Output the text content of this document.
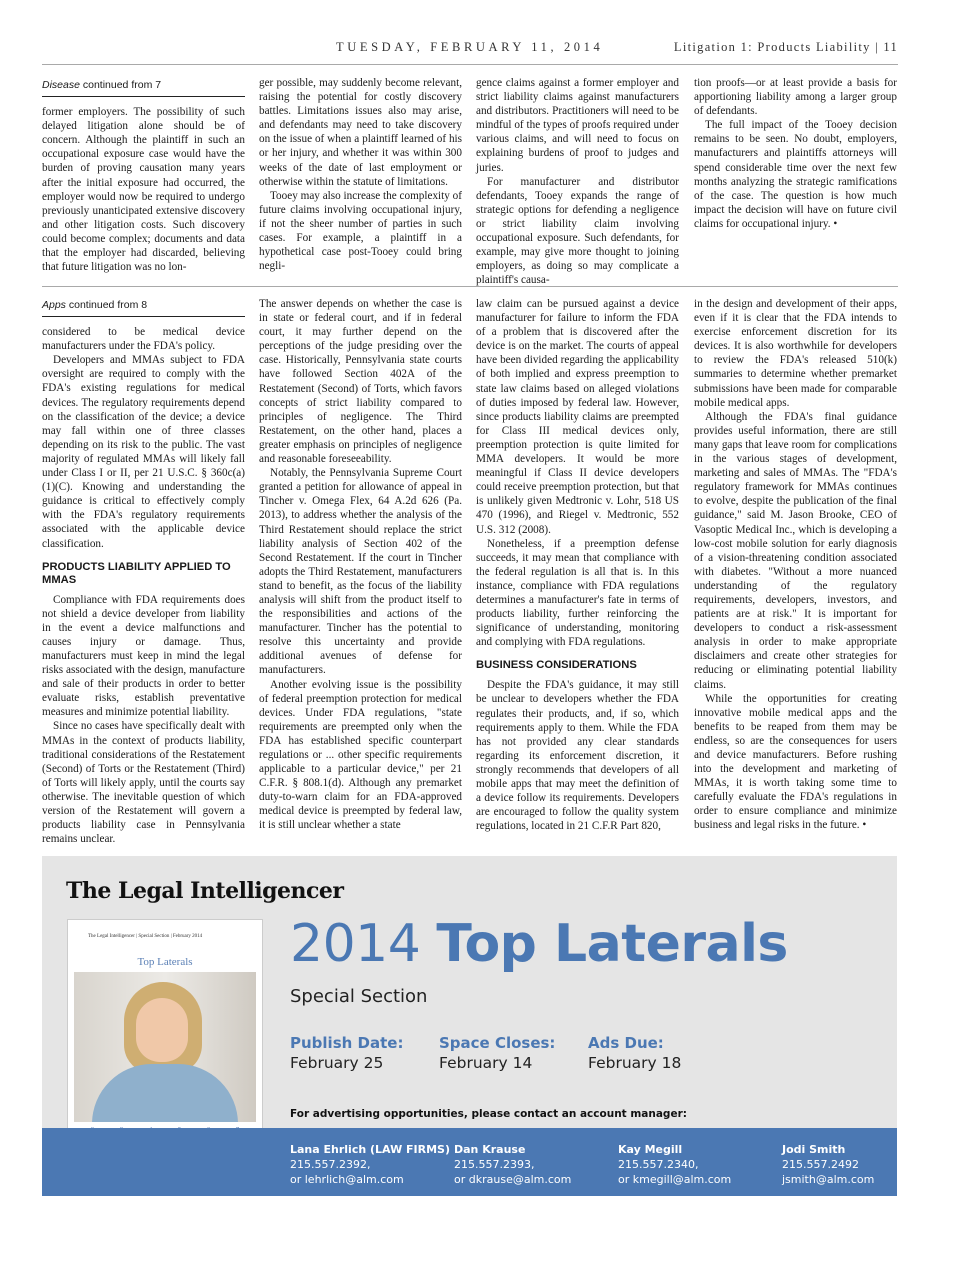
TUESDAY, FEBRUARY 11, 2014	Litigation 1: Products Liability | 11
Disease continued from 7

former employers. The possibility of such delayed litigation alone should be of concern. Although the plaintiff in such an occupational exposure case would have the burden of proving causation many years after the initial exposure had occurred, the employer would now be required to undergo previously unanticipated extensive discovery and other litigation costs. Such discovery could become complex; documents and data that the employer had discarded, believing that future litigation was no lon-

ger possible, may suddenly become relevant, raising the potential for costly discovery battles. Limitations issues also may arise, and defendants may need to take discovery on the issue of when a plaintiff learned of his or her injury, and whether it was within 300 weeks of the date of last employment or otherwise within the statute of limitations.

Tooey may also increase the complexity of future claims involving occupational injury, if not the sheer number of parties in such cases. For example, a plaintiff in a hypothetical case post-Tooey could bring negli-

gence claims against a former employer and strict liability claims against manufacturers and distributors. Practitioners will need to be mindful of the types of proofs required under various claims, and will need to focus on explaining burdens of proof to judges and juries.

For manufacturer and distributor defendants, Tooey expands the range of strategic options for defending a negligence or strict liability claim involving occupational exposure. Such defendants, for example, may give more thought to joining employers, as doing so may complicate a plaintiff's causa-

tion proofs—or at least provide a basis for apportioning liability among a larger group of defendants.

The full impact of the Tooey decision remains to be seen. No doubt, employers, manufacturers and plaintiffs attorneys will spend considerable time over the next few months analyzing the strategic ramifications of the case. The question is how much impact the decision will have on future civil claims for occupational injury. •

Apps continued from 8

considered to be medical device manufacturers under the FDA's policy.

Developers and MMAs subject to FDA oversight are required to comply with the FDA's existing regulations for medical devices. The regulatory requirements depend on the classification of the device; a device may fall within one of three classes depending on its risk to the public. The vast majority of regulated MMAs will likely fall under Class I or II, per 21 U.S.C. § 360c(a)(1)(C). Knowing and understanding the guidance is critical to effectively comply with the FDA's regulatory requirements associated with the applicable device classification.

PRODUCTS LIABILITY APPLIED TO MMAS

Compliance with FDA requirements does not shield a device developer from liability in the event a device malfunctions and causes injury or damage. Thus, manufacturers must keep in mind the legal risks associated with the design, manufacture and sale of their products in order to better evaluate risks, establish preventative measures and minimize potential liability.

Since no cases have specifically dealt with MMAs in the context of products liability, traditional considerations of the Restatement (Second) of Torts or the Restatement (Third) of Torts will likely apply, until the courts say otherwise. The inevitable question of which version of the Restatement will govern a products liability case in Pennsylvania remains unclear.

The answer depends on whether the case is in state or federal court, and if in federal court, it may further depend on the perceptions of the judge presiding over the case. Historically, Pennsylvania state courts have followed Section 402A of the Restatement (Second) of Torts, which favors concepts of strict liability compared to principles of negligence. The Third Restatement, on the other hand, places a greater emphasis on principles of negligence and reasonable foreseeability.

Notably, the Pennsylvania Supreme Court granted a petition for allowance of appeal in Tincher v. Omega Flex, 64 A.2d 626 (Pa. 2013), to address whether the analysis of the Third Restatement should replace the strict liability analysis of Section 402 of the Second Restatement. If the court in Tincher adopts the Third Restatement, manufacturers stand to benefit, as the focus of the liability analysis will shift from the product itself to the responsibilities and actions of the manufacturer. Tincher has the potential to resolve this uncertainty and provide additional avenues of defense for manufacturers.

Another evolving issue is the possibility of federal preemption protection for medical devices. Under FDA regulations, "state requirements are preempted only when the FDA has established specific counterpart regulations or ... other specific requirements applicable to a particular device," per 21 C.F.R. § 808.1(d). Although any premarket duty-to-warn claim for an FDA-approved medical device is preempted by federal law, it is still unclear whether a state

law claim can be pursued against a device manufacturer for failure to inform the FDA of a problem that is discovered after the device is on the market. The courts of appeal have been divided regarding the applicability of both implied and express preemption to state law claims based on alleged violations of duties imposed by federal law. However, since products liability claims are preempted for Class III medical devices only, preemption protection is quite limited for MMA developers. It would be more meaningful if Class II device developers could receive preemption protection, but that is unlikely given Medtronic v. Lohr, 518 US 470 (1996), and Riegel v. Medtronic, 552 U.S. 312 (2008).

Nonetheless, if a preemption defense succeeds, it may mean that compliance with the federal regulation is all that is. In this instance, compliance with FDA regulations determines a manufacturer's fate in terms of products liability, further reinforcing the significance of understanding, monitoring and complying with FDA regulations.

BUSINESS CONSIDERATIONS

Despite the FDA's guidance, it may still be unclear to developers whether the FDA regulates their products, and, if so, which requirements apply to them. While the FDA has not provided any clear standards regarding its enforcement discretion, it strongly recommends that developers of all mobile apps that may meet the definition of a device follow its requirements. Developers are encouraged to follow the quality system regulations, located in 21 C.F.R Part 820,

in the design and development of their apps, even if it is clear that the FDA intends to exercise enforcement discretion for its devices. It is also worthwhile for developers to review the FDA's released 510(k) summaries to determine whether premarket submissions have been made for comparable mobile medical apps.

Although the FDA's final guidance provides useful information, there are still many gaps that leave room for complications in the various stages of development, marketing and sales of MMAs. The "FDA's regulatory framework for MMAs continues to evolve, despite the publication of the final guidance," said M. Jason Brooke, CEO of Vasoptic Medical Inc., which is developing a low-cost mobile solution for early diagnosis of a vision-threatening condition associated with diabetes. "Without a more nuanced understanding of the regulatory requirements, developers, investors, and patients are at risk." It is important for developers to conduct a risk-assessment analysis in order to make appropriate disclaimers and create other strategies for reducing or eliminating potential liability claims.

While the opportunities for creating innovative mobile medical apps and the benefits to be reaped from them may be endless, so are the consequences for users and device manufacturers. Before rushing into the development and marketing of MMAs, it is worth taking some time to carefully evaluate the FDA's regulations in order to ensure compliance and minimize business and legal risks in the future. •

The Legal Intelligencer
The Legal Intelligencer | Special Section | February 2014
Top Laterals	2014 Top Laterals
Special Section
Publish Date:
February 25
Space Closes:
February 14
Ads Due:
February 18
For advertising opportunities, please contact an account manager:
Lana Ehrlich (LAW FIRMS)
215.557.2392,
or lehrlich@alm.com
Dan Krause
215.557.2393,
or dkrause@alm.com
Kay Megill
215.557.2340,
or kmegill@alm.com
Jodi Smith
215.557.2492
jsmith@alm.com
